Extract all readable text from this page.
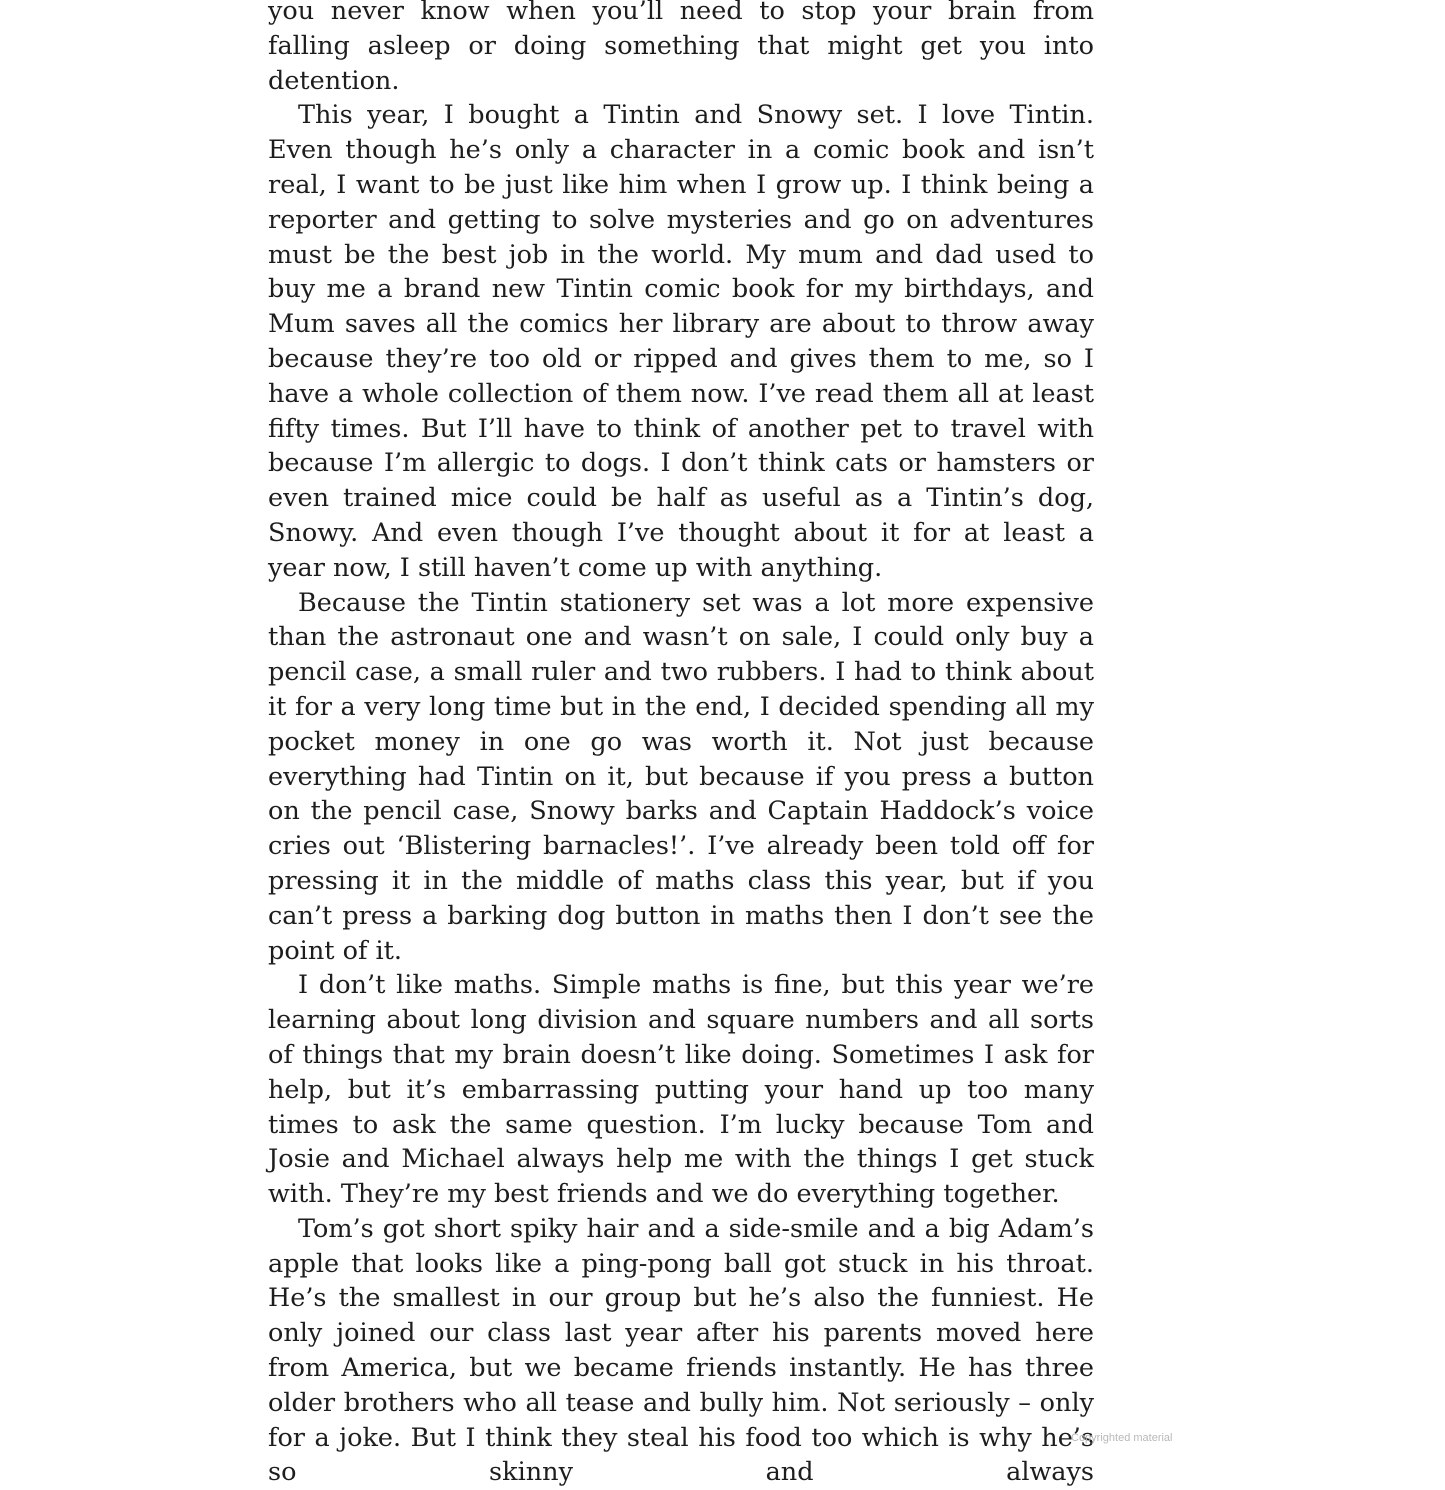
you never know when you’ll need to stop your brain from falling asleep or doing something that might get you into detention.

This year, I bought a Tintin and Snowy set. I love Tintin. Even though he’s only a character in a comic book and isn’t real, I want to be just like him when I grow up. I think being a reporter and getting to solve mysteries and go on adventures must be the best job in the world. My mum and dad used to buy me a brand new Tintin comic book for my birthdays, and Mum saves all the comics her library are about to throw away because they’re too old or ripped and gives them to me, so I have a whole collection of them now. I’ve read them all at least fifty times. But I’ll have to think of another pet to travel with because I’m allergic to dogs. I don’t think cats or hamsters or even trained mice could be half as useful as a Tintin’s dog, Snowy. And even though I’ve thought about it for at least a year now, I still haven’t come up with anything.

Because the Tintin stationery set was a lot more expensive than the astronaut one and wasn’t on sale, I could only buy a pencil case, a small ruler and two rubbers. I had to think about it for a very long time but in the end, I decided spending all my pocket money in one go was worth it. Not just because everything had Tintin on it, but because if you press a button on the pencil case, Snowy barks and Captain Haddock’s voice cries out ‘Blistering barnacles!’. I’ve already been told off for pressing it in the middle of maths class this year, but if you can’t press a barking dog button in maths then I don’t see the point of it.

I don’t like maths. Simple maths is fine, but this year we’re learning about long division and square numbers and all sorts of things that my brain doesn’t like doing. Sometimes I ask for help, but it’s embarrassing putting your hand up too many times to ask the same question. I’m lucky because Tom and Josie and Michael always help me with the things I get stuck with. They’re my best friends and we do everything together.

Tom’s got short spiky hair and a side-smile and a big Adam’s apple that looks like a ping-pong ball got stuck in his throat. He’s the smallest in our group but he’s also the funniest. He only joined our class last year after his parents moved here from America, but we became friends instantly. He has three older brothers who all tease and bully him. Not seriously – only for a joke. But I think they steal his food too which is why he’s so skinny and always

Copyrighted material
